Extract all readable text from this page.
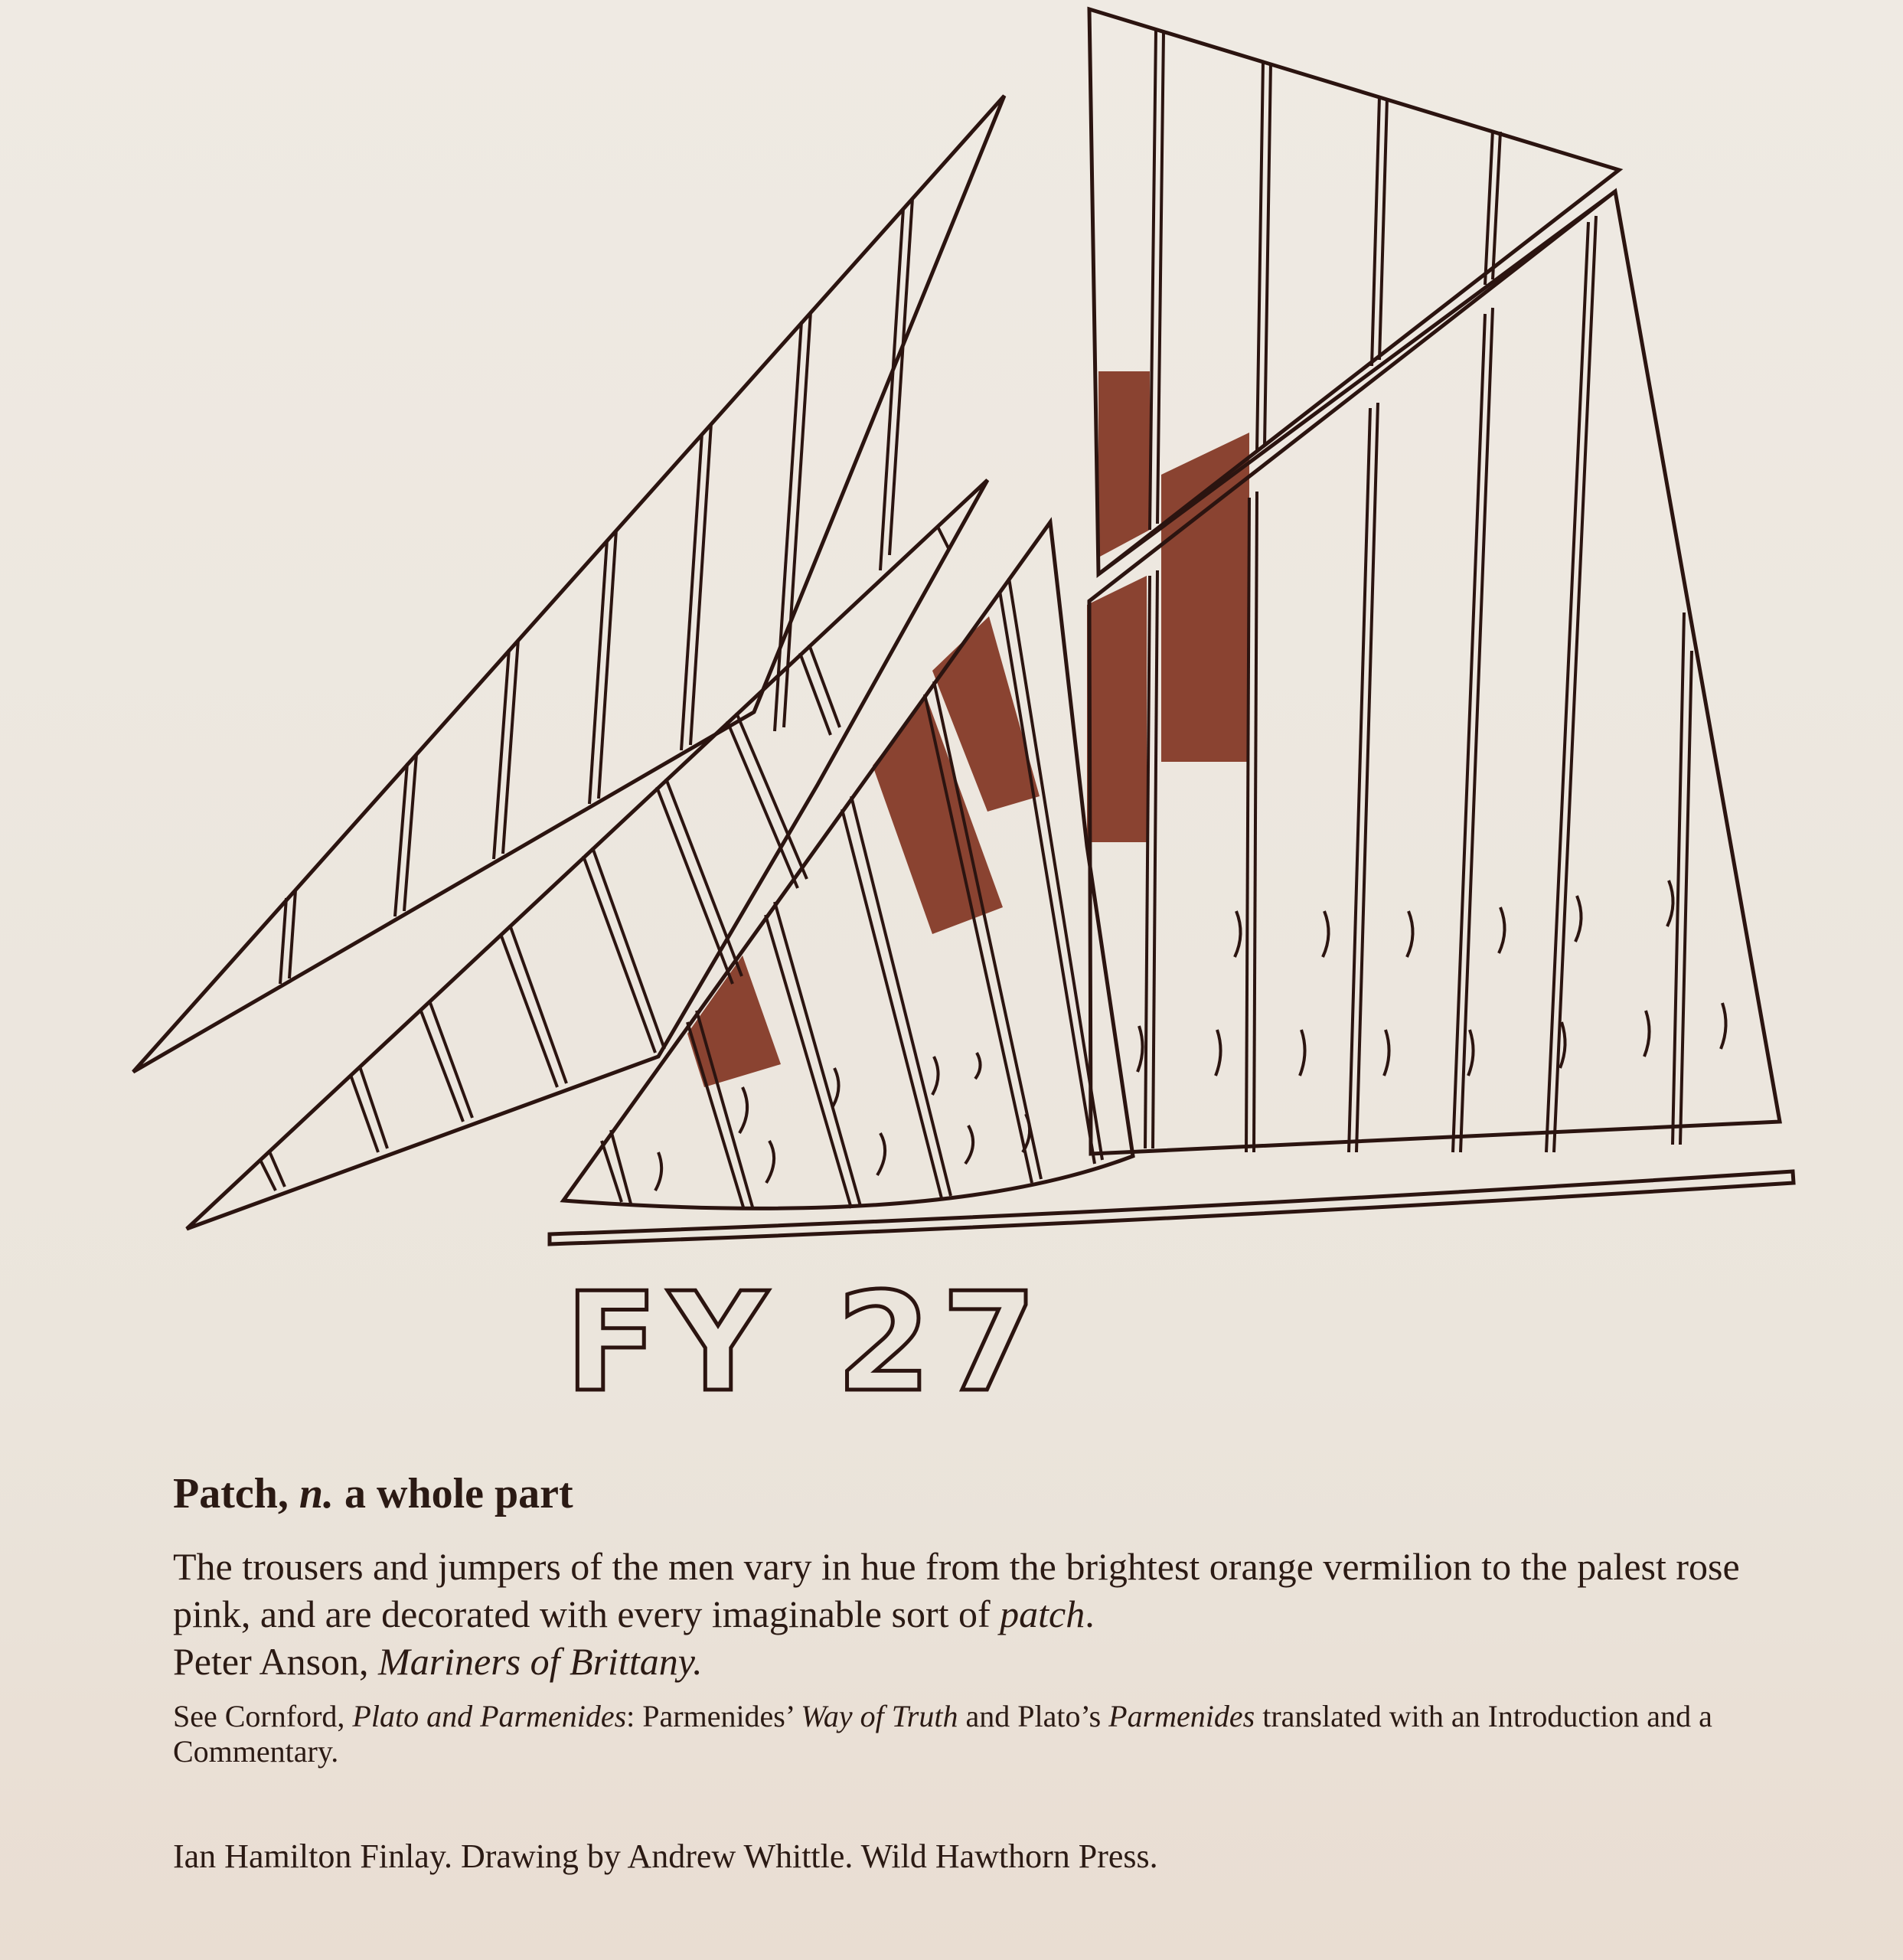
FY 27

Patch, n. a whole part

The trousers and jumpers of the men vary in hue from the brightest orange vermilion to the palest rose pink, and are decorated with every imaginable sort of patch.

Peter Anson, Mariners of Brittany.

See Cornford, Plato and Parmenides: Parmenides’ Way of Truth and Plato’s Parmenides translated with an Introduction and a Commentary.

Ian Hamilton Finlay. Drawing by Andrew Whittle. Wild Hawthorn Press.
